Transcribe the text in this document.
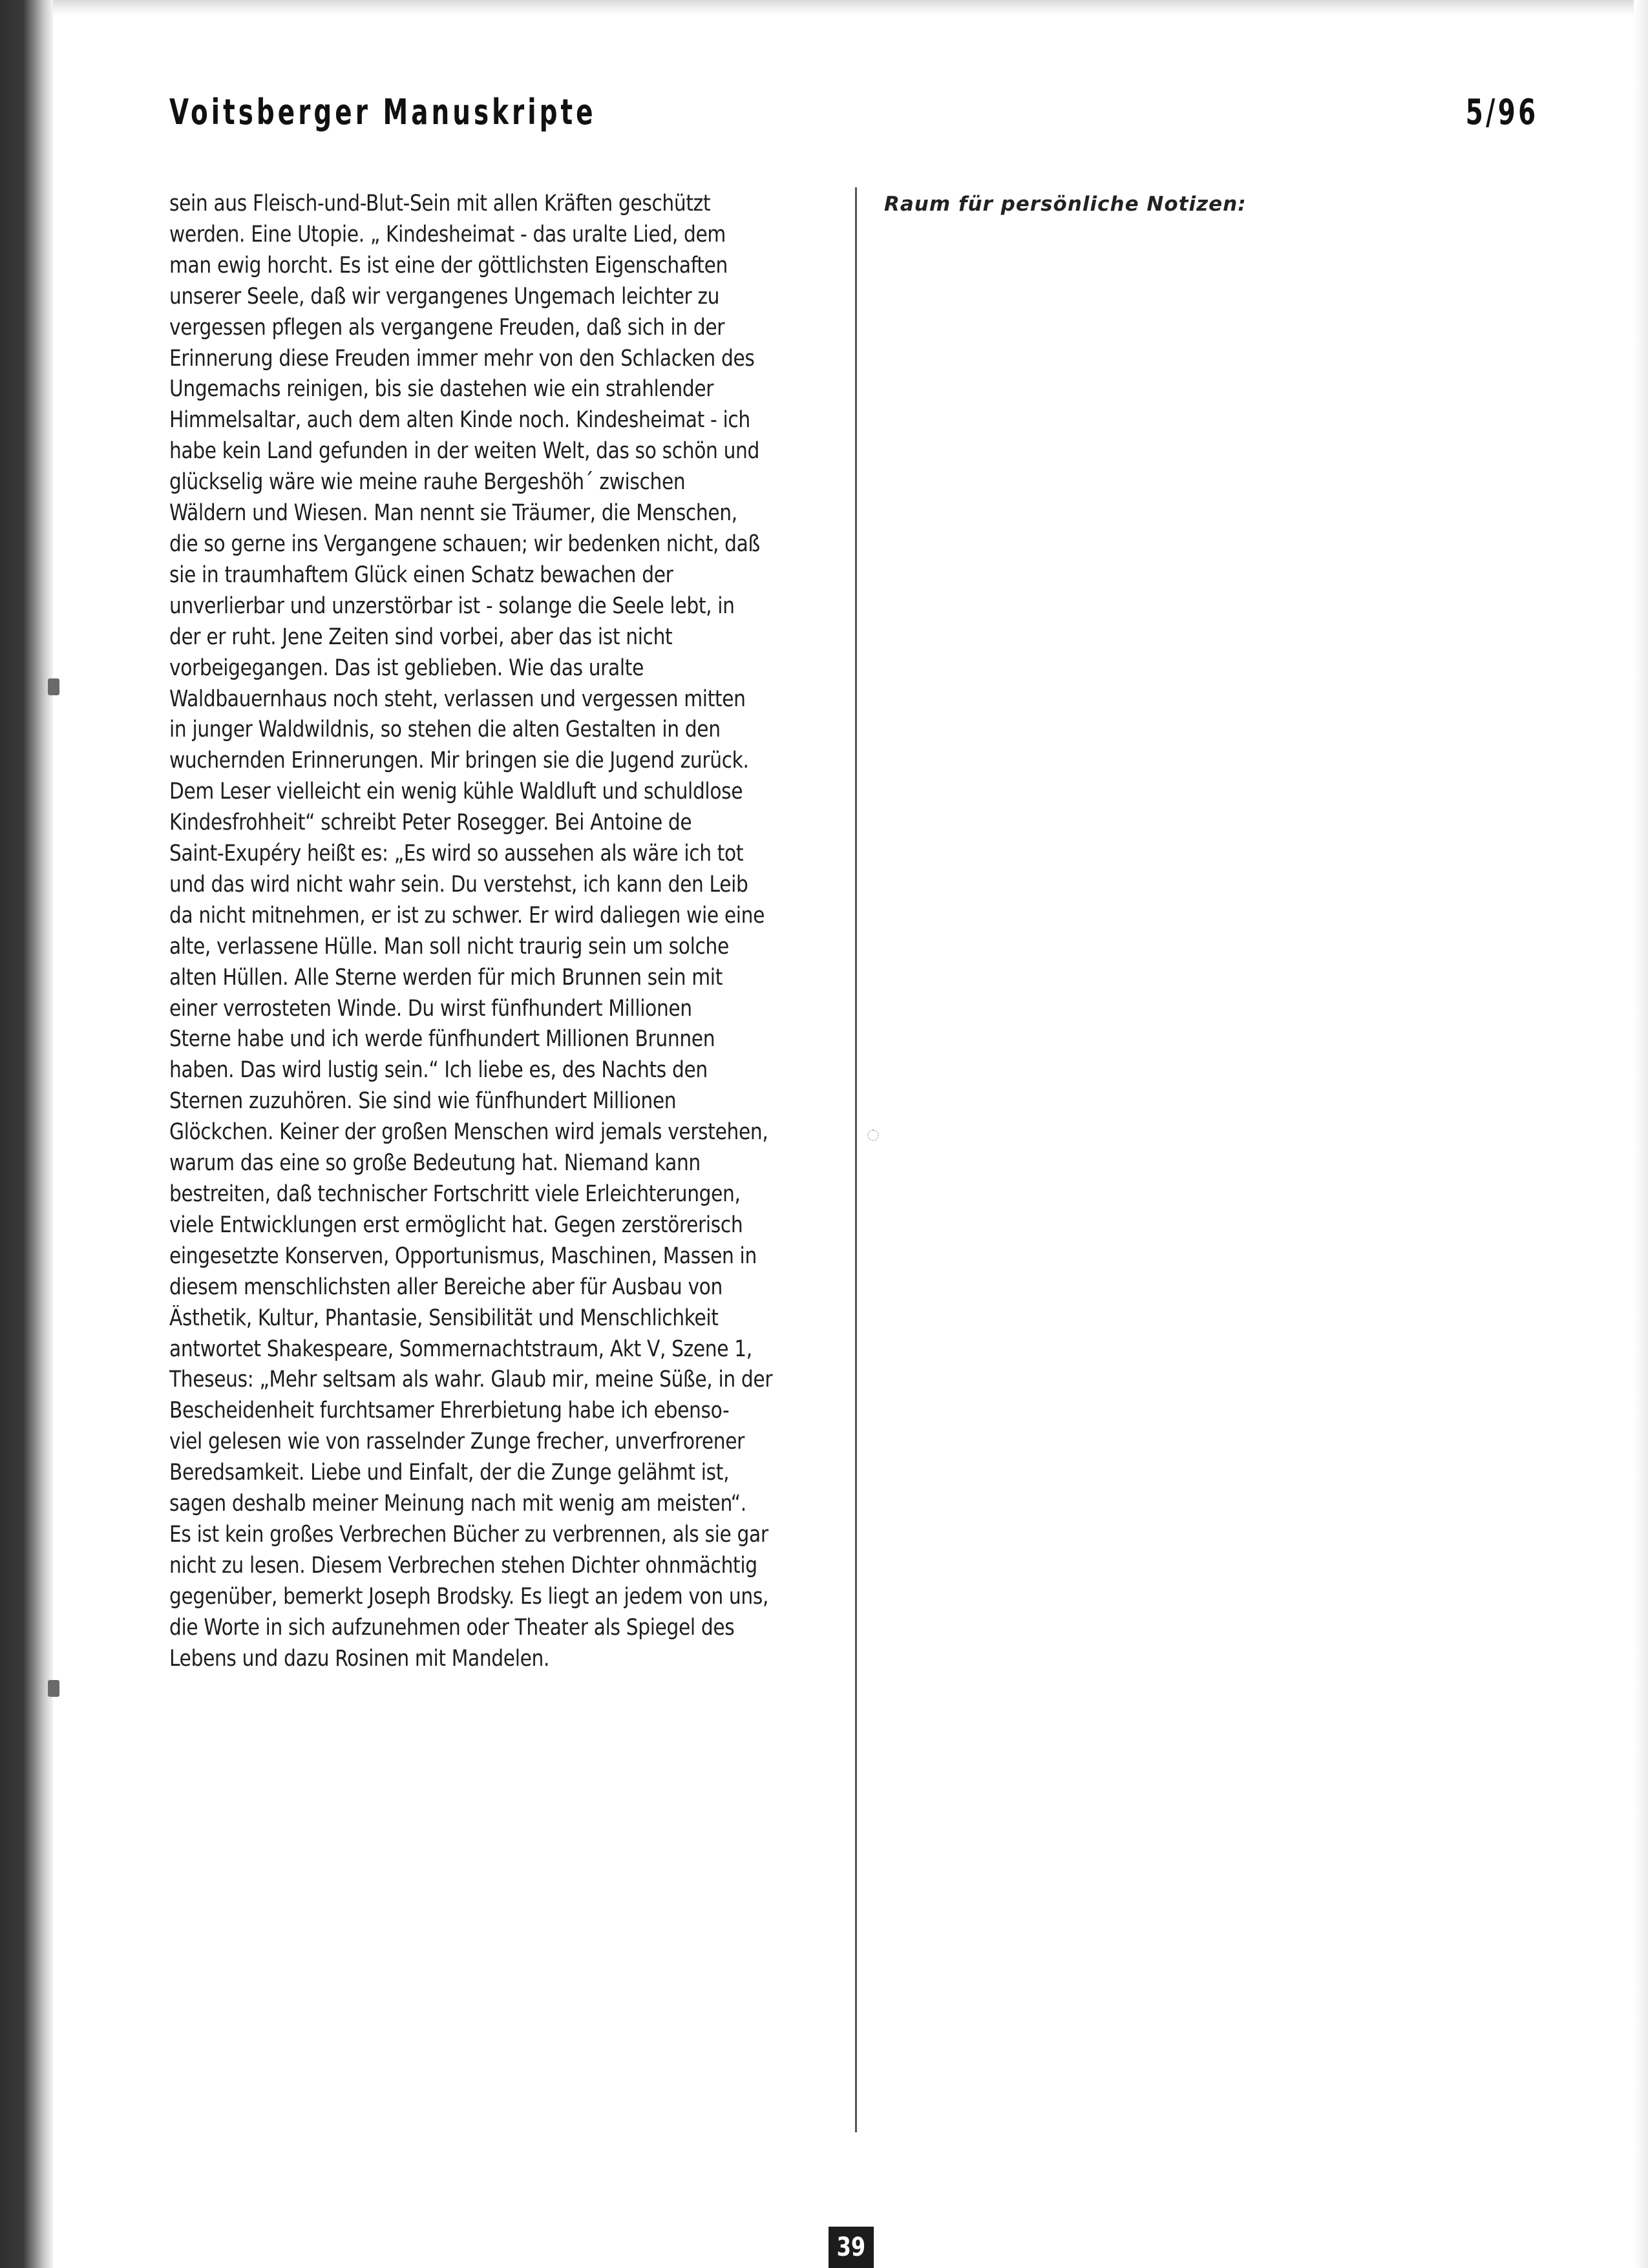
Voitsberger Manuskripte	5/96
sein aus Fleisch-und-Blut-Sein mit allen Kräften geschützt
werden. Eine Utopie. „ Kindesheimat - das uralte Lied, dem
man ewig horcht. Es ist eine der göttlichsten Eigenschaften
unserer Seele, daß wir vergangenes Ungemach leichter zu
vergessen pflegen als vergangene Freuden, daß sich in der
Erinnerung diese Freuden immer mehr von den Schlacken des
Ungemachs reinigen, bis sie dastehen wie ein strahlender
Himmelsaltar, auch dem alten Kinde noch. Kindesheimat - ich
habe kein Land gefunden in der weiten Welt, das so schön und
glückselig wäre wie meine rauhe Bergeshöh´ zwischen
Wäldern und Wiesen. Man nennt sie Träumer, die Menschen,
die so gerne ins Vergangene schauen; wir bedenken nicht, daß
sie in traumhaftem Glück einen Schatz bewachen der
unverlierbar und unzerstörbar ist - solange die Seele lebt, in
der er ruht. Jene Zeiten sind vorbei, aber das ist nicht
vorbeigegangen. Das ist geblieben. Wie das uralte
Waldbauernhaus noch steht, verlassen und vergessen mitten
in junger Waldwildnis, so stehen die alten Gestalten in den
wuchernden Erinnerungen. Mir bringen sie die Jugend zurück.
Dem Leser vielleicht ein wenig kühle Waldluft und schuldlose
Kindesfrohheit“ schreibt Peter Rosegger. Bei Antoine de
Saint-Exupéry heißt es: „Es wird so aussehen als wäre ich tot
und das wird nicht wahr sein. Du verstehst, ich kann den Leib
da nicht mitnehmen, er ist zu schwer. Er wird daliegen wie eine
alte, verlassene Hülle. Man soll nicht traurig sein um solche
alten Hüllen. Alle Sterne werden für mich Brunnen sein mit
einer verrosteten Winde. Du wirst fünfhundert Millionen
Sterne habe und ich werde fünfhundert Millionen Brunnen
haben. Das wird lustig sein.“ Ich liebe es, des Nachts den
Sternen zuzuhören. Sie sind wie fünfhundert Millionen
Glöckchen. Keiner der großen Menschen wird jemals verstehen,
warum das eine so große Bedeutung hat. Niemand kann
bestreiten, daß technischer Fortschritt viele Erleichterungen,
viele Entwicklungen erst ermöglicht hat. Gegen zerstörerisch
eingesetzte Konserven, Opportunismus, Maschinen, Massen in
diesem menschlichsten aller Bereiche aber für Ausbau von
Ästhetik, Kultur, Phantasie, Sensibilität und Menschlichkeit
antwortet Shakespeare, Sommernachtstraum, Akt V, Szene 1,
Theseus: „Mehr seltsam als wahr. Glaub mir, meine Süße, in der
Bescheidenheit furchtsamer Ehrerbietung habe ich ebenso-
viel gelesen wie von rasselnder Zunge frecher, unverfrorener
Beredsamkeit. Liebe und Einfalt, der die Zunge gelähmt ist,
sagen deshalb meiner Meinung nach mit wenig am meisten“.
Es ist kein großes Verbrechen Bücher zu verbrennen, als sie gar
nicht zu lesen. Diesem Verbrechen stehen Dichter ohnmächtig
gegenüber, bemerkt Joseph Brodsky. Es liegt an jedem von uns,
die Worte in sich aufzunehmen oder Theater als Spiegel des
Lebens und dazu Rosinen mit Mandelen.
Raum für persönliche Notizen:
39
